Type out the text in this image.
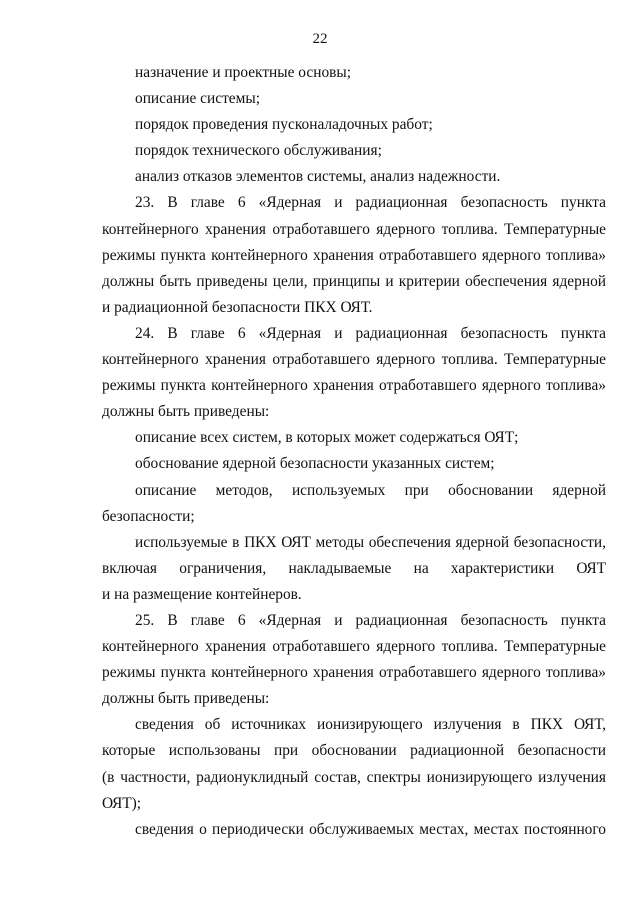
22
назначение и проектные основы;
описание системы;
порядок проведения пусконаладочных работ;
порядок технического обслуживания;
анализ отказов элементов системы, анализ надежности.
23. В главе 6 «Ядерная и радиационная безопасность пункта
контейнерного хранения отработавшего ядерного топлива. Температурные
режимы пункта контейнерного хранения отработавшего ядерного топлива»
должны быть приведены цели, принципы и критерии обеспечения ядерной
и радиационной безопасности ПКХ ОЯТ.
24. В главе 6 «Ядерная и радиационная безопасность пункта
контейнерного хранения отработавшего ядерного топлива. Температурные
режимы пункта контейнерного хранения отработавшего ядерного топлива»
должны быть приведены:
описание всех систем, в которых может содержаться ОЯТ;
обоснование ядерной безопасности указанных систем;
описание методов, используемых при обосновании ядерной
безопасности;
используемые в ПКХ ОЯТ методы обеспечения ядерной безопасности,
включая ограничения, накладываемые на характеристики ОЯТ
и на размещение контейнеров.
25. В главе 6 «Ядерная и радиационная безопасность пункта
контейнерного хранения отработавшего ядерного топлива. Температурные
режимы пункта контейнерного хранения отработавшего ядерного топлива»
должны быть приведены:
сведения об источниках ионизирующего излучения в ПКХ ОЯТ,
которые использованы при обосновании радиационной безопасности
(в частности, радионуклидный состав, спектры ионизирующего излучения
ОЯТ);
сведения о периодически обслуживаемых местах, местах постоянного
